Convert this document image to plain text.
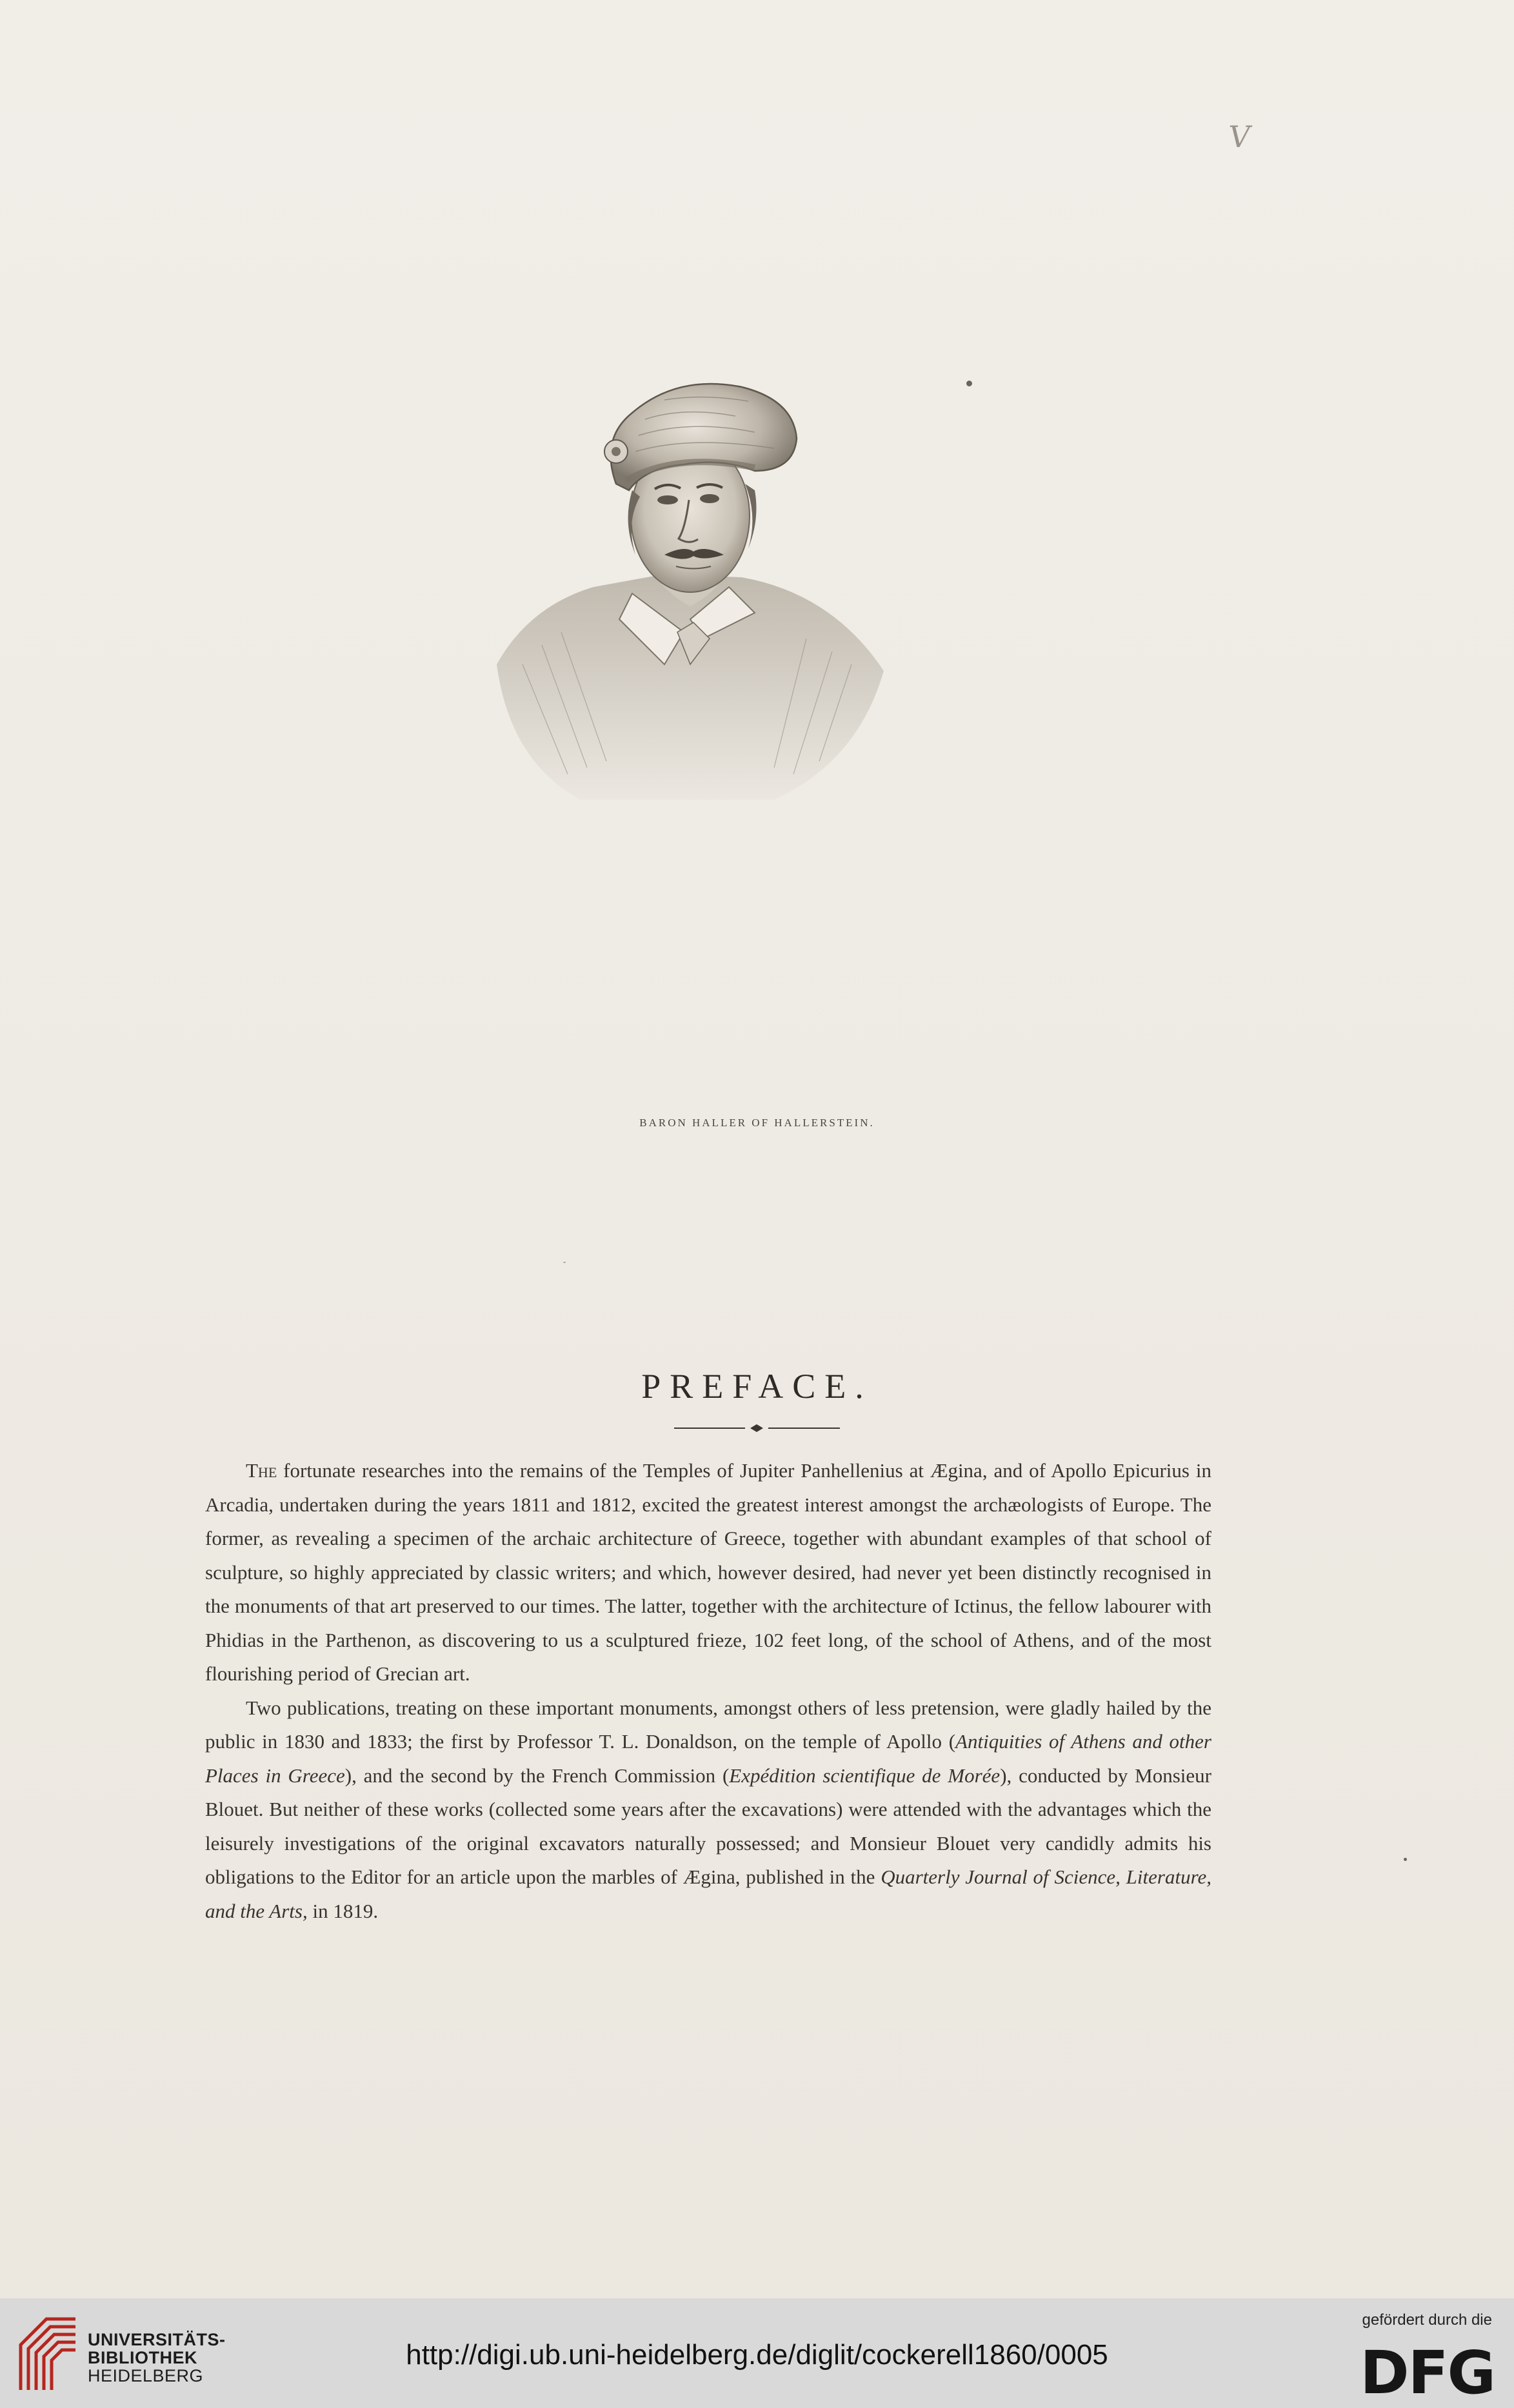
V
BARON HALLER OF HALLERSTEIN.
PREFACE.

The fortunate researches into the remains of the Temples of Jupiter Panhellenius at Ægina, and of Apollo Epicurius in Arcadia, undertaken during the years 1811 and 1812, excited the greatest interest amongst the archæologists of Europe. The former, as revealing a specimen of the archaic architecture of Greece, together with abundant examples of that school of sculpture, so highly appreciated by classic writers; and which, however desired, had never yet been distinctly recognised in the monuments of that art preserved to our times. The latter, together with the architecture of Ictinus, the fellow labourer with Phidias in the Parthenon, as discovering to us a sculptured frieze, 102 feet long, of the school of Athens, and of the most flourishing period of Grecian art.

Two publications, treating on these important monuments, amongst others of less pretension, were gladly hailed by the public in 1830 and 1833; the first by Professor T. L. Donaldson, on the temple of Apollo (Antiquities of Athens and other Places in Greece), and the second by the French Commission (Expédition scientifique de Morée), conducted by Monsieur Blouet. But neither of these works (collected some years after the excavations) were attended with the advantages which the leisurely investigations of the original excavators naturally possessed; and Monsieur Blouet very candidly admits his obligations to the Editor for an article upon the marbles of Ægina, published in the Quarterly Journal of Science, Literature, and the Arts, in 1819.

UNIVERSITÄTS-
BIBLIOTHEK
HEIDELBERG
http://digi.ub.uni-heidelberg.de/diglit/cockerell1860/0005
gefördert durch die
DFG
